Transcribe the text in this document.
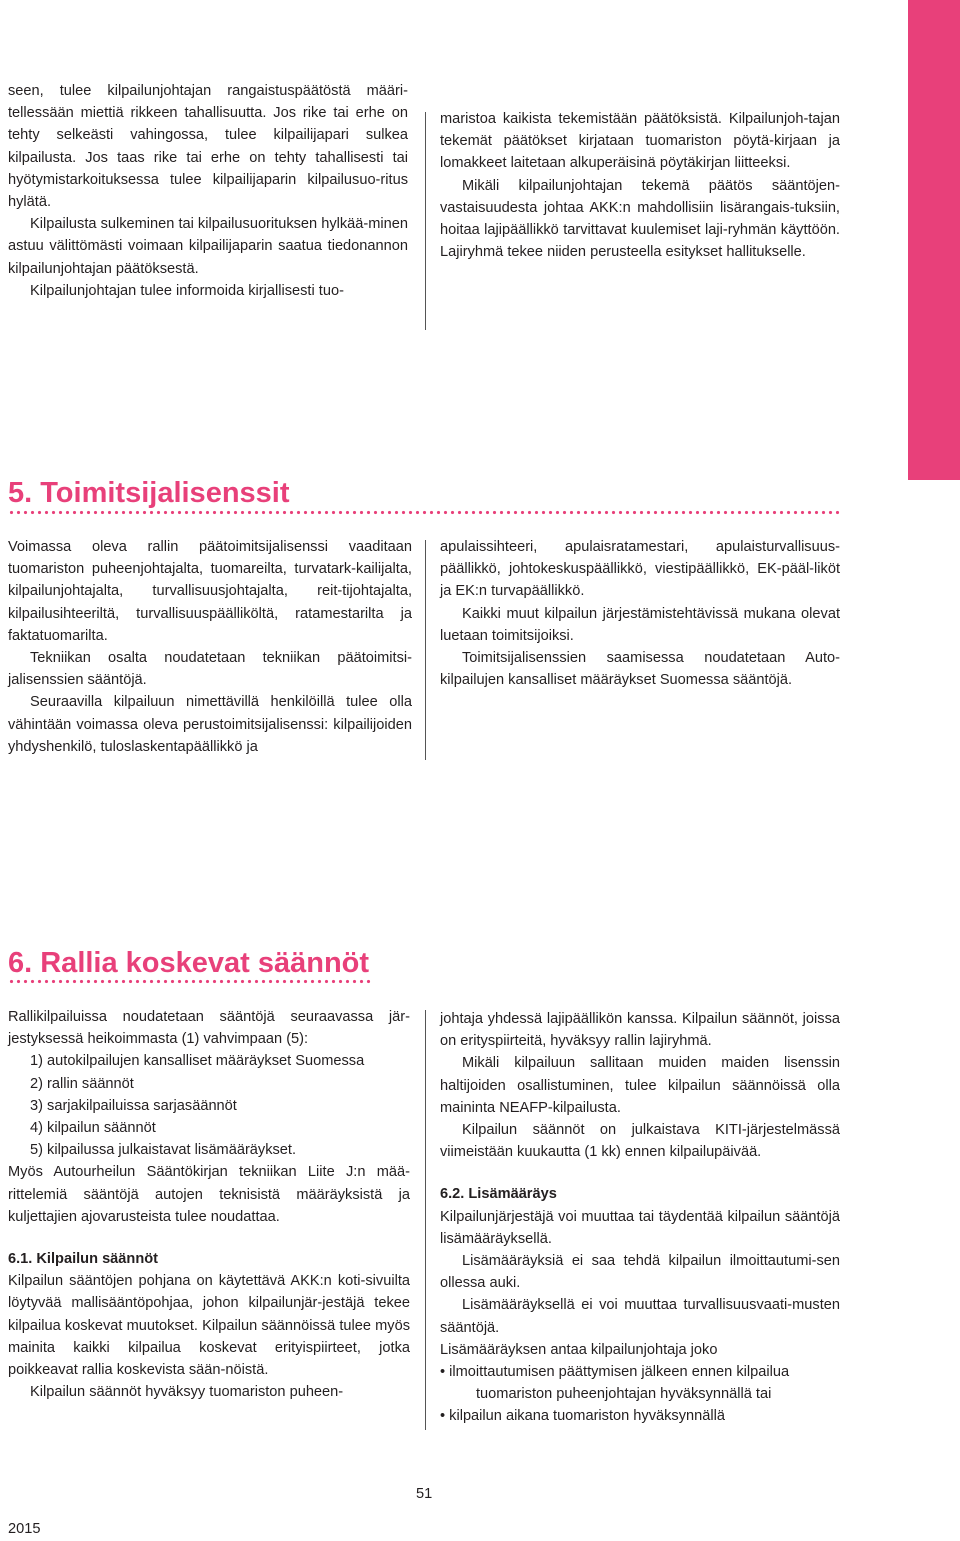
seen, tulee kilpailunjohtajan rangaistuspäätöstä määri-tellessään miettiä rikkeen tahallisuutta. Jos rike tai erhe on tehty selkeästi vahingossa, tulee kilpailijapari sulkea kilpailusta. Jos taas rike tai erhe on tehty tahallisesti tai hyötymistarkoituksessa tulee kilpailijaparin kilpailusuo-ritus hylätä.

Kilpailusta sulkeminen tai kilpailusuorituksen hylkää-minen astuu välittömästi voimaan kilpailijaparin saatua tiedonannon kilpailunjohtajan päätöksestä.

Kilpailunjohtajan tulee informoida kirjallisesti tuo-

maristoa kaikista tekemistään päätöksistä. Kilpailunjoh-tajan tekemät päätökset kirjataan tuomariston pöytä-kirjaan ja lomakkeet laitetaan alkuperäisinä pöytäkirjan liitteeksi.

Mikäli kilpailunjohtajan tekemä päätös sääntöjen-vastaisuudesta johtaa AKK:n mahdollisiin lisärangais-tuksiin, hoitaa lajipäällikkö tarvittavat kuulemiset laji-ryhmän käyttöön. Lajiryhmä tekee niiden perusteella esitykset hallitukselle.

5. Toimitsijalisenssit

Voimassa oleva rallin päätoimitsijalisenssi vaaditaan tuomariston puheenjohtajalta, tuomareilta, turvatark-kailijalta, kilpailunjohtajalta, turvallisuusjohtajalta, reit-tijohtajalta, kilpailusihteeriltä, turvallisuuspäälliköltä, ratamestarilta ja faktatuomarilta.

Tekniikan osalta noudatetaan tekniikan päätoimitsi-jalisenssien sääntöjä.

Seuraavilla kilpailuun nimettävillä henkilöillä tulee olla vähintään voimassa oleva perustoimitsijalisenssi: kilpailijoiden yhdyshenkilö, tuloslaskentapäällikkö ja

apulaissihteeri, apulaisratamestari, apulaisturvallisuus-päällikkö, johtokeskuspäällikkö, viestipäällikkö, EK-pääl-liköt ja EK:n turvapäällikkö.

Kaikki muut kilpailun järjestämistehtävissä mukana olevat luetaan toimitsijoiksi.

Toimitsijalisenssien saamisessa noudatetaan Auto-kilpailujen kansalliset määräykset Suomessa sääntöjä.

6. Rallia koskevat säännöt

Rallikilpailuissa noudatetaan sääntöjä seuraavassa jär-jestyksessä heikoimmasta (1) vahvimpaan (5):

1) autokilpailujen kansalliset määräykset Suomessa

2) rallin säännöt

3) sarjakilpailuissa sarjasäännöt

4) kilpailun säännöt

5) kilpailussa julkaistavat lisämääräykset.

Myös Autourheilun Sääntökirjan tekniikan Liite J:n mää-rittelemiä sääntöjä autojen teknisistä määräyksistä ja kuljettajien ajovarusteista tulee noudattaa.

6.1. Kilpailun säännöt

Kilpailun sääntöjen pohjana on käytettävä AKK:n koti-sivuilta löytyvää mallisääntöpohjaa, johon kilpailunjär-jestäjä tekee kilpailua koskevat muutokset. Kilpailun säännöissä tulee myös mainita kaikki kilpailua koskevat erityispiirteet, jotka poikkeavat rallia koskevista sään-nöistä.

Kilpailun säännöt hyväksyy tuomariston puheen-

johtaja yhdessä lajipäällikön kanssa. Kilpailun säännöt, joissa on erityspiirteitä, hyväksyy rallin lajiryhmä.

Mikäli kilpailuun sallitaan muiden maiden lisenssin haltijoiden osallistuminen, tulee kilpailun säännöissä olla maininta NEAFP-kilpailusta.

Kilpailun säännöt on julkaistava KITI-järjestelmässä viimeistään kuukautta (1 kk) ennen kilpailupäivää.

6.2. Lisämääräys

Kilpailunjärjestäjä voi muuttaa tai täydentää kilpailun sääntöjä lisämääräyksellä.

Lisämääräyksiä ei saa tehdä kilpailun ilmoittautumi-sen ollessa auki.

Lisämääräyksellä ei voi muuttaa turvallisuusvaati-musten sääntöjä.

Lisämääräyksen antaa kilpailunjohtaja joko

• ilmoittautumisen päättymisen jälkeen ennen kilpailua

tuomariston puheenjohtajan hyväksynnällä tai

• kilpailun aikana tuomariston hyväksynnällä

51
2015
